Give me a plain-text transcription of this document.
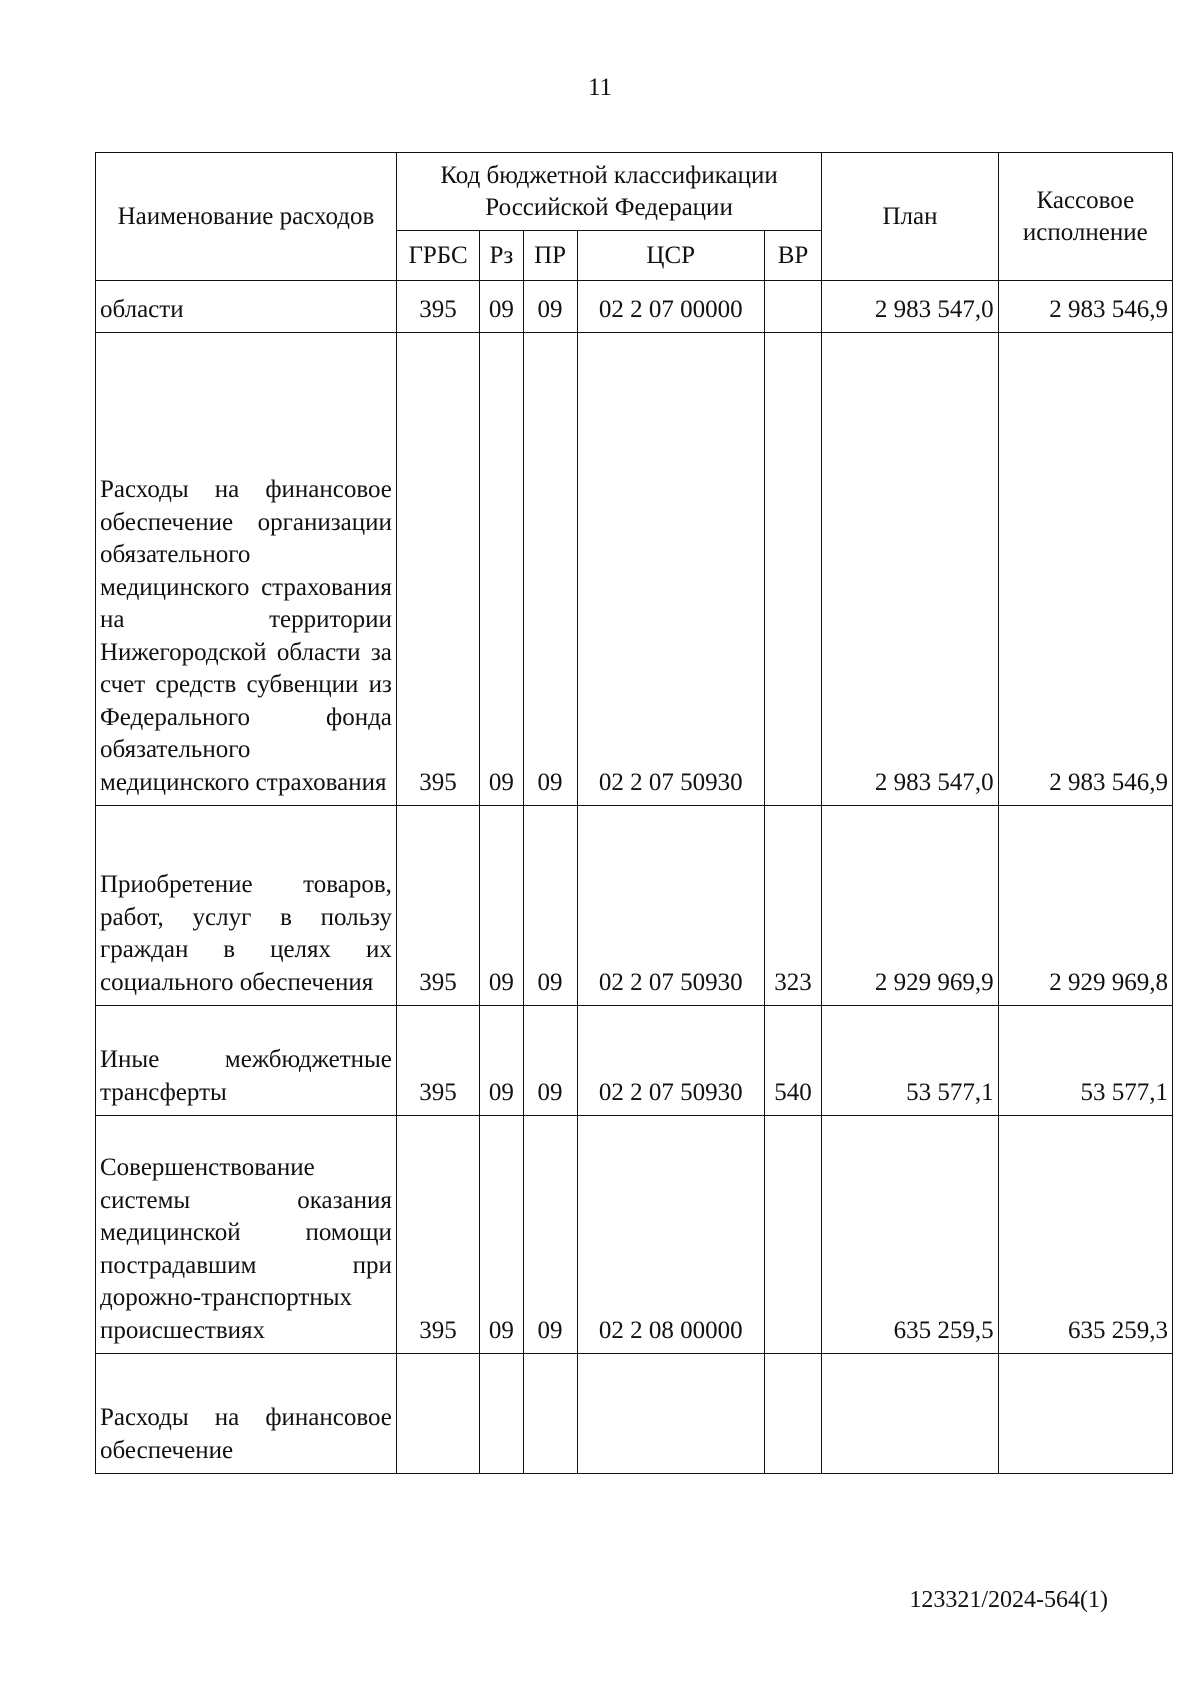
11
Наименование расходов	Код бюджетной классификации Российской Федерации					План	Кассовое исполнение
	ГРБС	Рз	ПР	ЦСР	ВР		
области	395	09	09	02 2 07 00000		2 983 547,0	2 983 546,9
Расходы на финансовое обеспечение организации обязательного медицинского страхования на территории Нижегородской области за счет средств субвенции из Федерального фонда обязательного медицинского страхования	395	09	09	02 2 07 50930		2 983 547,0	2 983 546,9
Приобретение товаров, работ, услуг в пользу граждан в целях их социального обеспечения	395	09	09	02 2 07 50930	323	2 929 969,9	2 929 969,8
Иные межбюджетные трансферты	395	09	09	02 2 07 50930	540	53 577,1	53 577,1
Совершенствование системы оказания медицинской помощи пострадавшим при дорожно-транспортных происшествиях	395	09	09	02 2 08 00000		635 259,5	635 259,3
Расходы на финансовое обеспечение							
123321/2024-564(1)
